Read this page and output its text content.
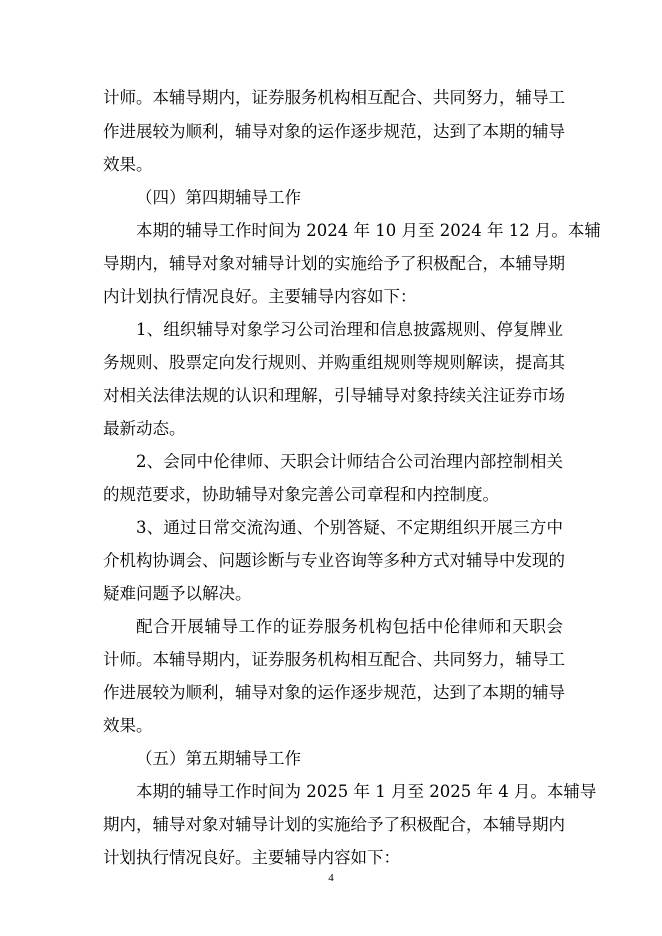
计师。本辅导期内，证券服务机构相互配合、共同努力，辅导工
作进展较为顺利，辅导对象的运作逐步规范，达到了本期的辅导
效果。
（四）第四期辅导工作
本期的辅导工作时间为 2024 年 10 月至 2024 年 12 月。本辅
导期内，辅导对象对辅导计划的实施给予了积极配合，本辅导期
内计划执行情况良好。主要辅导内容如下：
1、组织辅导对象学习公司治理和信息披露规则、停复牌业
务规则、股票定向发行规则、并购重组规则等规则解读，提高其
对相关法律法规的认识和理解，引导辅导对象持续关注证券市场
最新动态。
2、会同中伦律师、天职会计师结合公司治理内部控制相关
的规范要求，协助辅导对象完善公司章程和内控制度。
3、通过日常交流沟通、个别答疑、不定期组织开展三方中
介机构协调会、问题诊断与专业咨询等多种方式对辅导中发现的
疑难问题予以解决。
配合开展辅导工作的证券服务机构包括中伦律师和天职会
计师。本辅导期内，证券服务机构相互配合、共同努力，辅导工
作进展较为顺利，辅导对象的运作逐步规范，达到了本期的辅导
效果。
（五）第五期辅导工作
本期的辅导工作时间为 2025 年 1 月至 2025 年 4 月。本辅导
期内，辅导对象对辅导计划的实施给予了积极配合，本辅导期内
计划执行情况良好。主要辅导内容如下：
4
